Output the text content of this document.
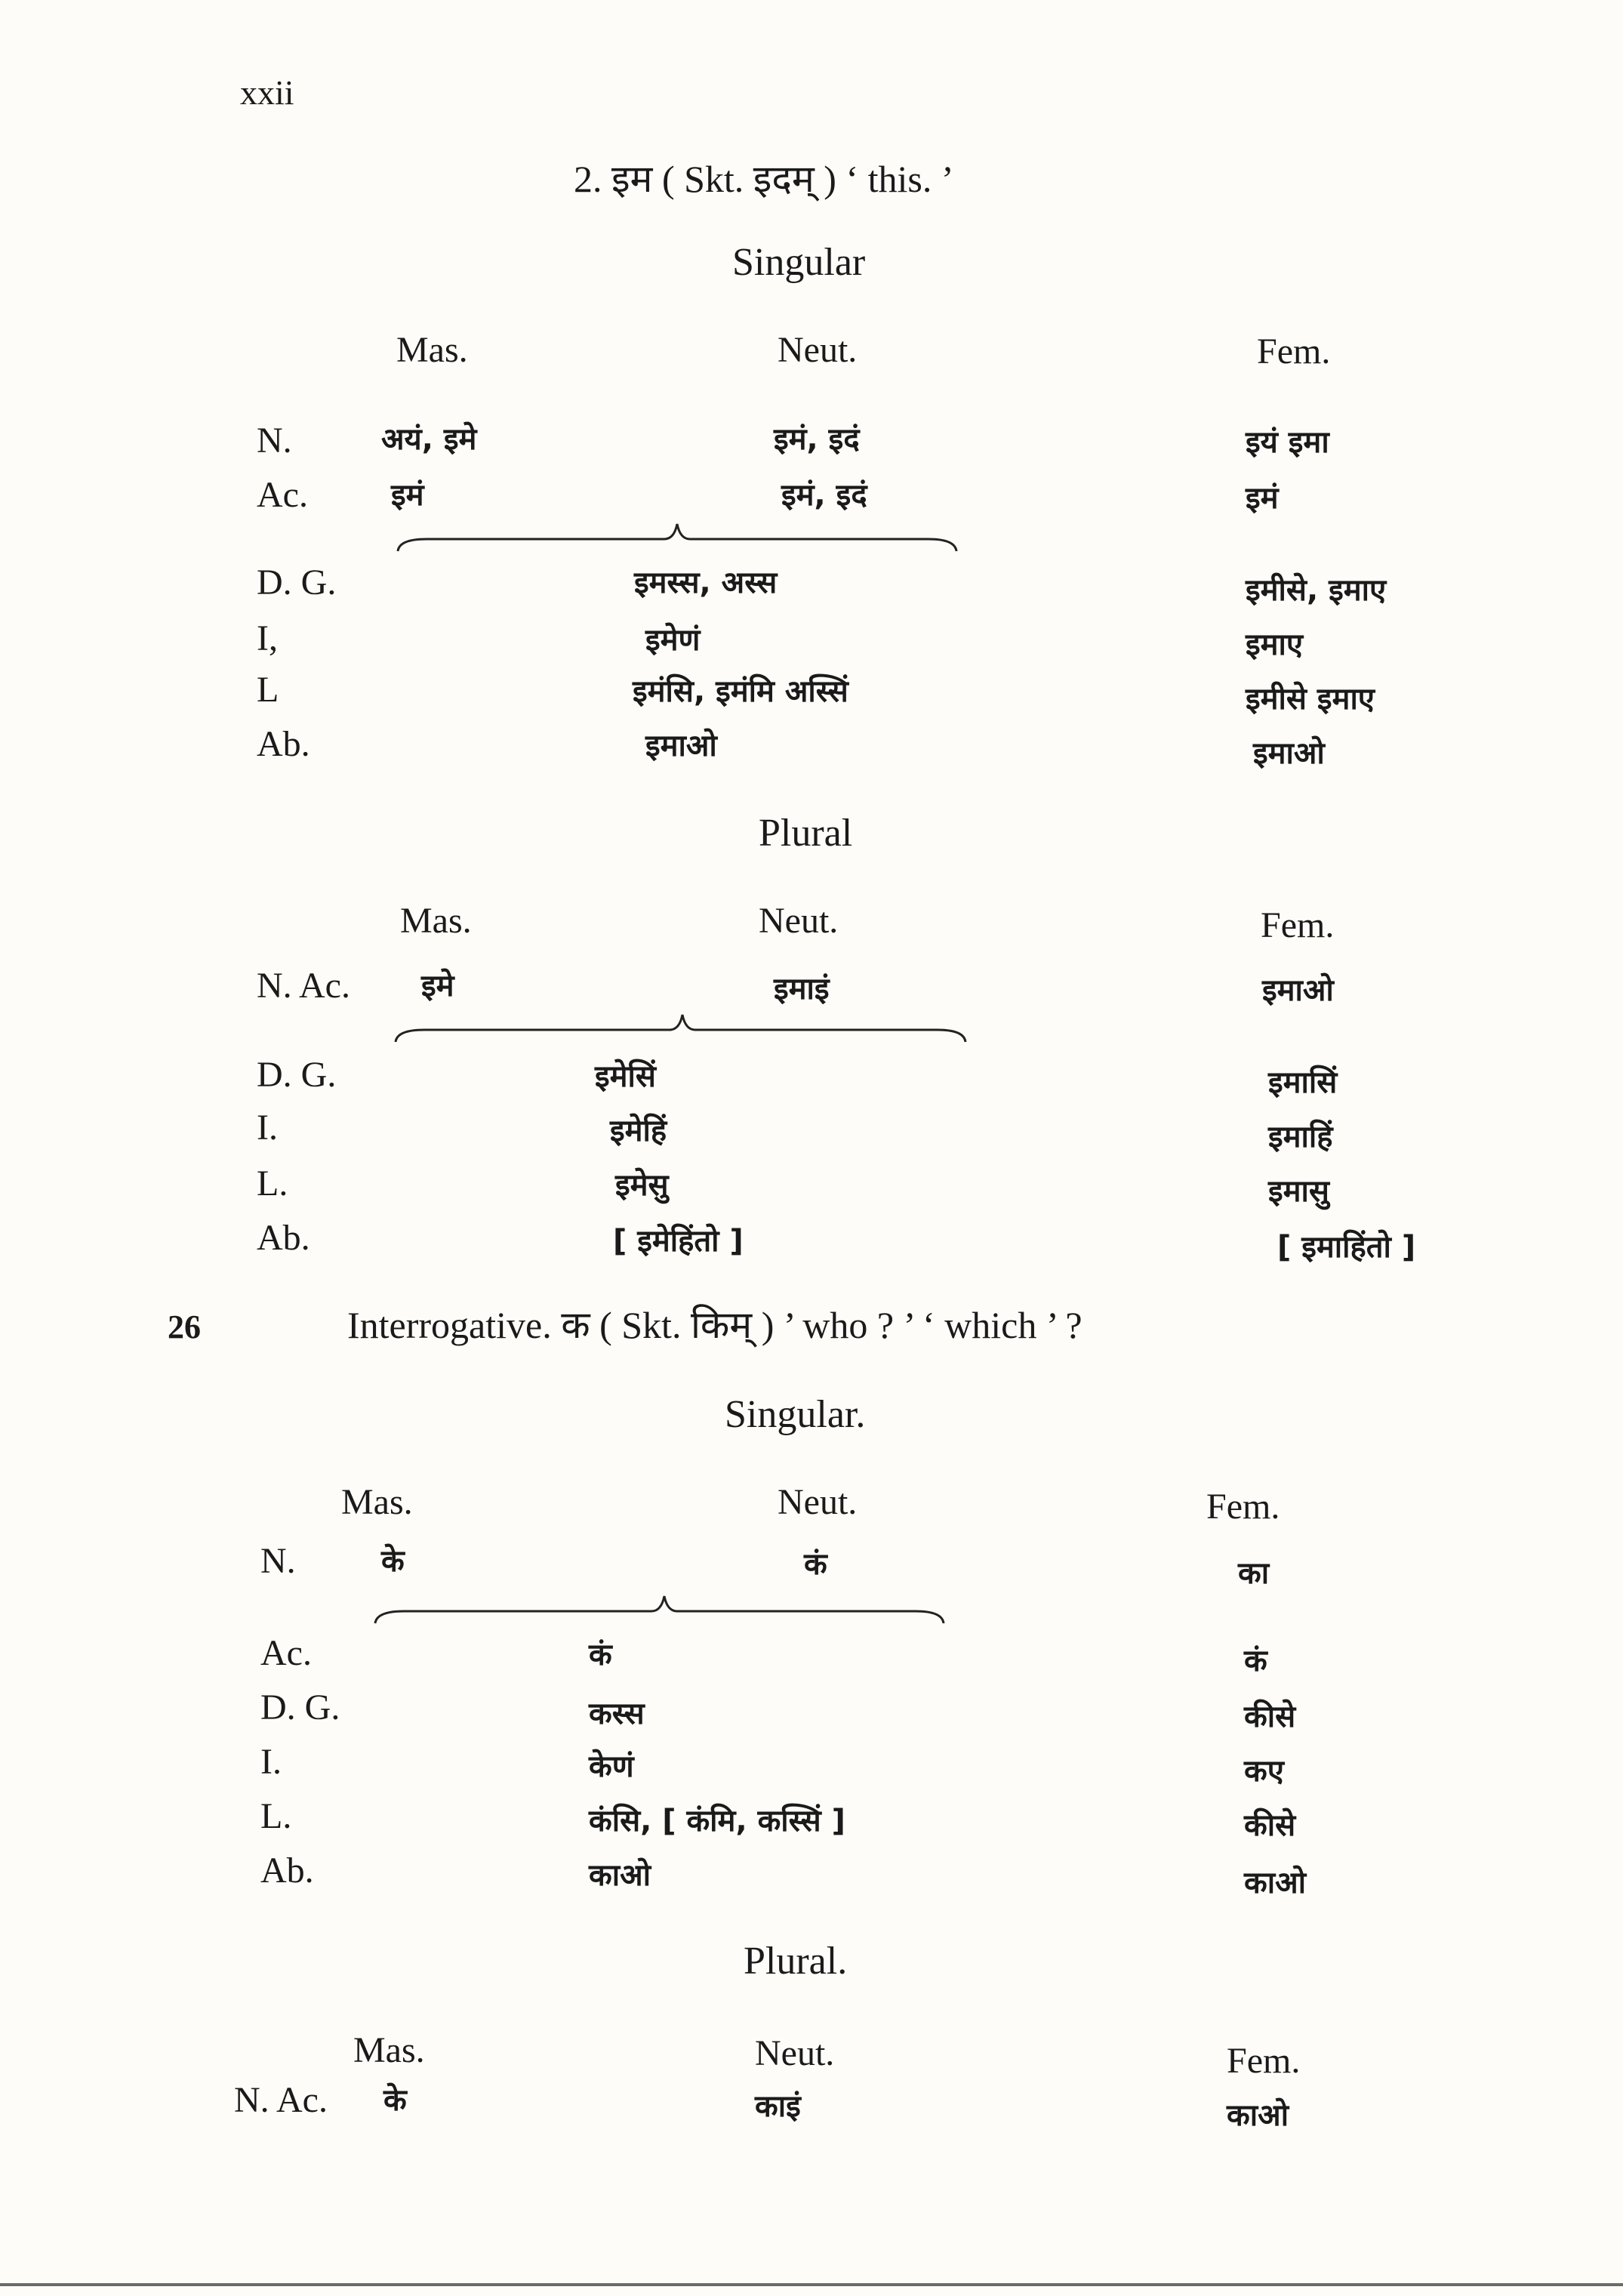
xxii
2. इम ( Skt. इदम् ) ‘ this. ’
Singular
Mas.	Neut.	Fem.
N.	अयं, इमे	इमं, इदं	इयं इमा
Ac.	इमं	इमं, इदं	इमं
D. G.	इमस्स, अस्स	इमीसे, इमाए
I,	इमेणं	इमाए
L	इमंसि, इमंमि अस्सिं	इमीसे इमाए
Ab.	इमाओ	इमाओ
Plural
Mas.	Neut.	Fem.
N. Ac. इमे	इमाइं	इमाओ
D. G.	इमेसिं	इमासिं
I.	इमेहिं	इमाहिं
L.	इमेसु	इमासु
Ab.	[ इमेहिंतो ]	[ इमाहिंतो ]
26	Interrogative. क ( Skt. किम् ) ’ who ? ’ ‘ which ’ ?
Singular.
Mas.	Neut.	Fem.
N.	के	कं	का
Ac.	कं	कं
D. G.	कस्स	कीसे
I.	केणं	कए
L.	कंसि, [ कंमि, कस्सिं ]	कीसे
Ab.	काओ	काओ
Plural.
Mas.	Neut.	Fem.
N. Ac. के	काइं	काओ
